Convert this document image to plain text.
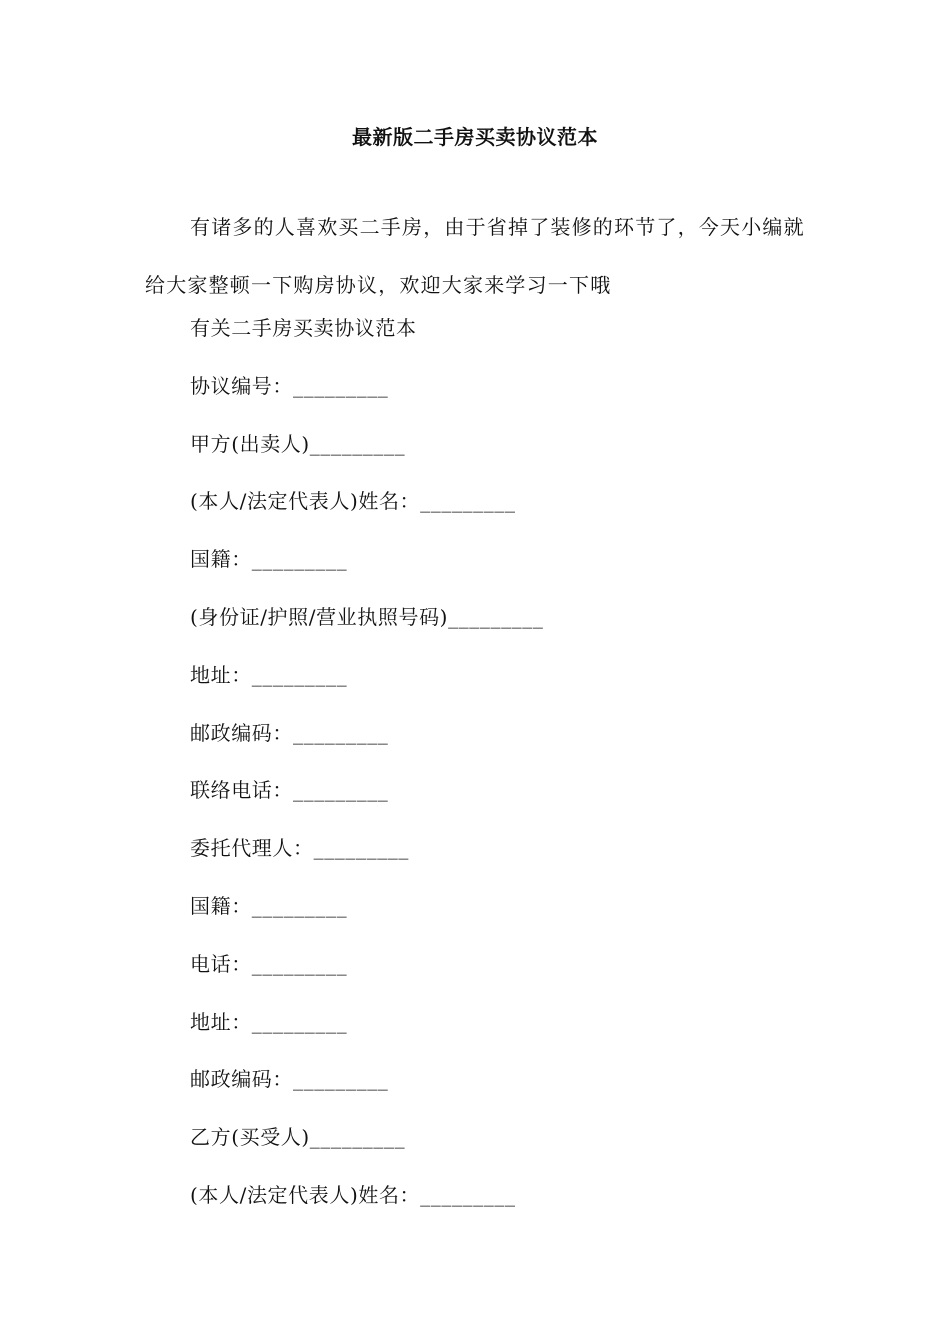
最新版二手房买卖协议范本

有诸多的人喜欢买二手房，由于省掉了装修的环节了，今天小编就给大家整顿一下购房协议，欢迎大家来学习一下哦

有关二手房买卖协议范本
协议编号：_________
甲方(出卖人)_________
(本人/法定代表人)姓名：_________
国籍：_________
(身份证/护照/营业执照号码)_________
地址：_________
邮政编码：_________
联络电话：_________
委托代理人：_________
国籍：_________
电话：_________
地址：_________
邮政编码：_________
乙方(买受人)_________
(本人/法定代表人)姓名：_________
